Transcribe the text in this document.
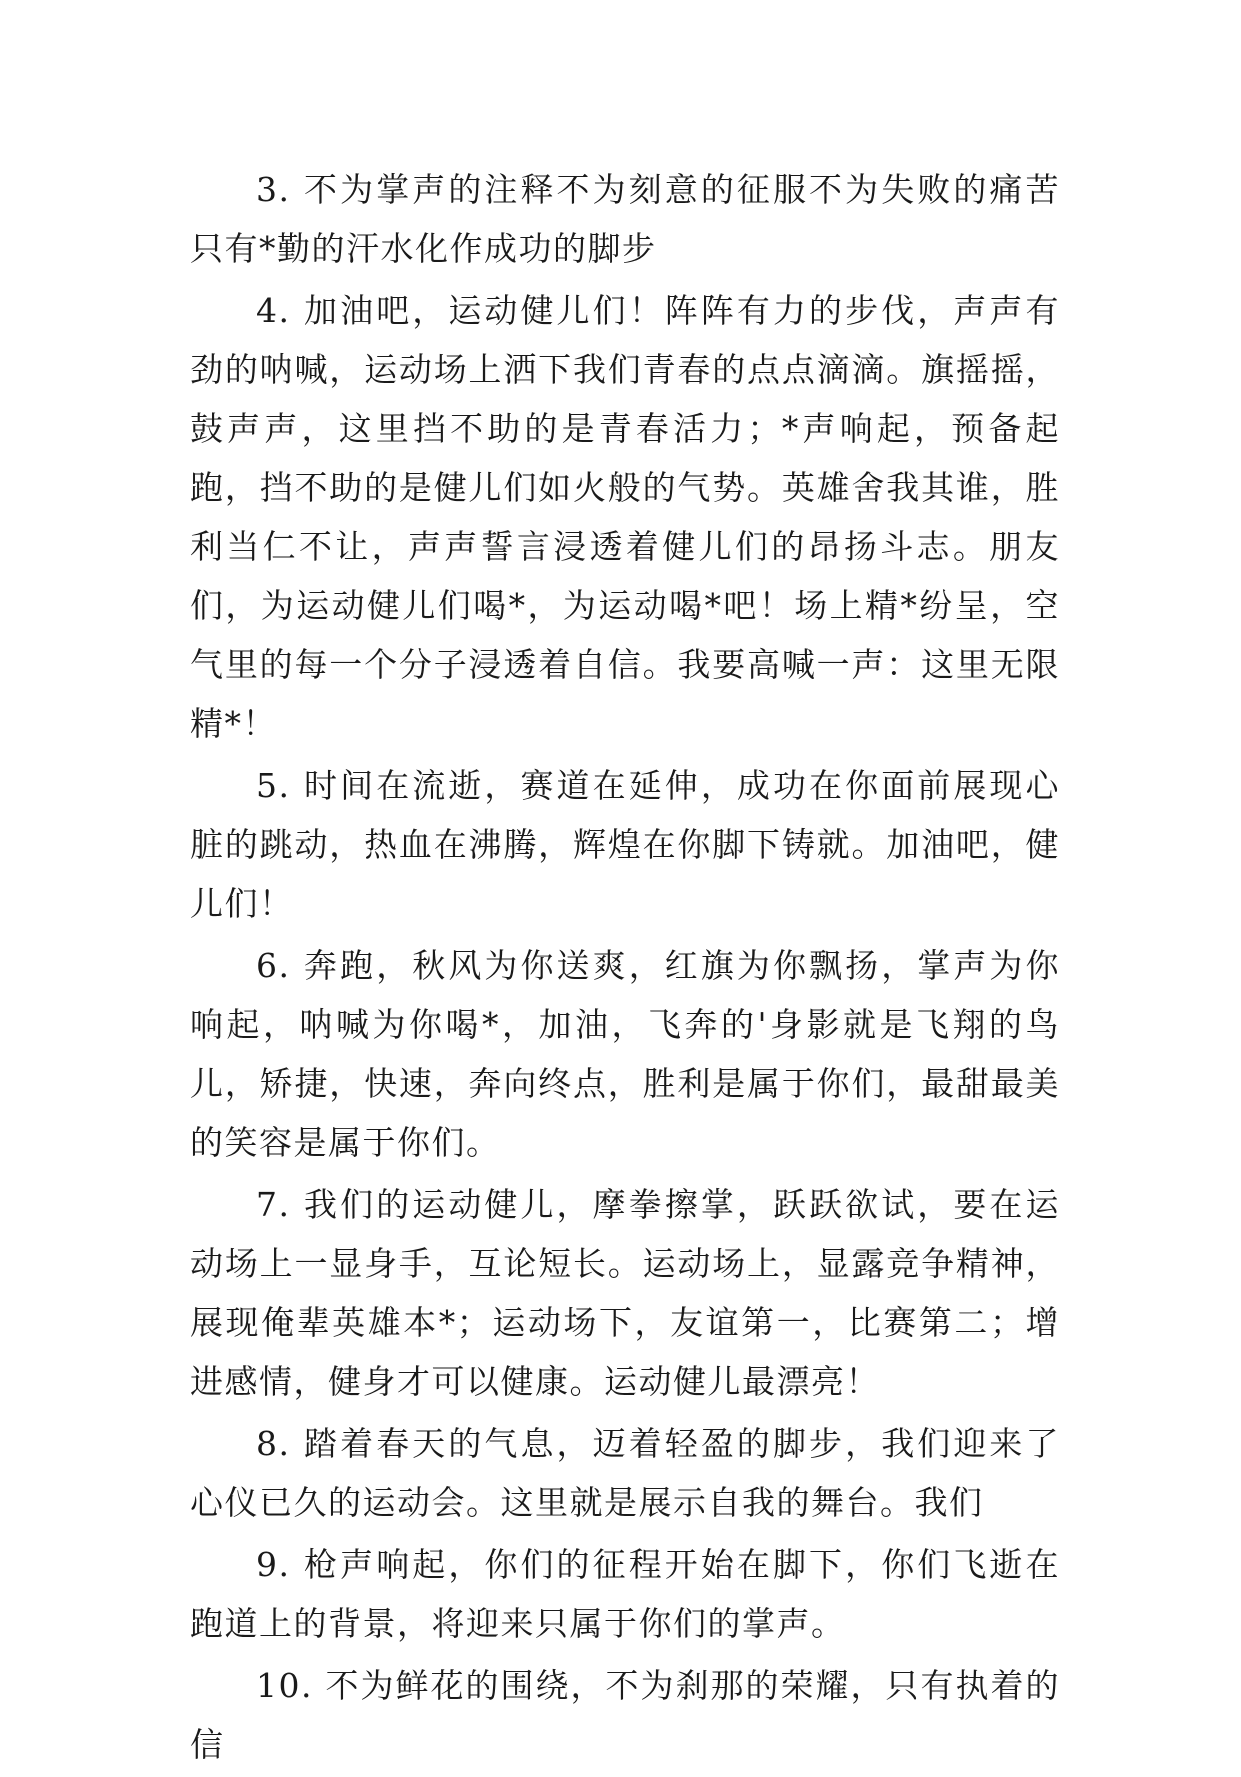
3. 不为掌声的注释不为刻意的征服不为失败的痛苦只有*勤的汗水化作成功的脚步

4. 加油吧，运动健儿们！阵阵有力的步伐，声声有劲的呐喊，运动场上洒下我们青春的点点滴滴。旗摇摇，鼓声声，这里挡不助的是青春活力；*声响起，预备起跑，挡不助的是健儿们如火般的气势。英雄舍我其谁，胜利当仁不让，声声誓言浸透着健儿们的昂扬斗志。朋友们，为运动健儿们喝*，为运动喝*吧！场上精*纷呈，空气里的每一个分子浸透着自信。我要高喊一声：这里无限精*！

5. 时间在流逝，赛道在延伸，成功在你面前展现心脏的跳动，热血在沸腾，辉煌在你脚下铸就。加油吧，健儿们！

6. 奔跑，秋风为你送爽，红旗为你飘扬，掌声为你响起，呐喊为你喝*，加油，飞奔的'身影就是飞翔的鸟儿，矫捷，快速，奔向终点，胜利是属于你们，最甜最美的笑容是属于你们。

7. 我们的运动健儿，摩拳擦掌，跃跃欲试，要在运动场上一显身手，互论短长。运动场上，显露竞争精神，展现俺辈英雄本*；运动场下，友谊第一，比赛第二；增进感情，健身才可以健康。运动健儿最漂亮！

8. 踏着春天的气息，迈着轻盈的脚步，我们迎来了心仪已久的运动会。这里就是展示自我的舞台。我们

9. 枪声响起，你们的征程开始在脚下，你们飞逝在跑道上的背景，将迎来只属于你们的掌声。

10. 不为鲜花的围绕，不为刹那的荣耀，只有执着的信
